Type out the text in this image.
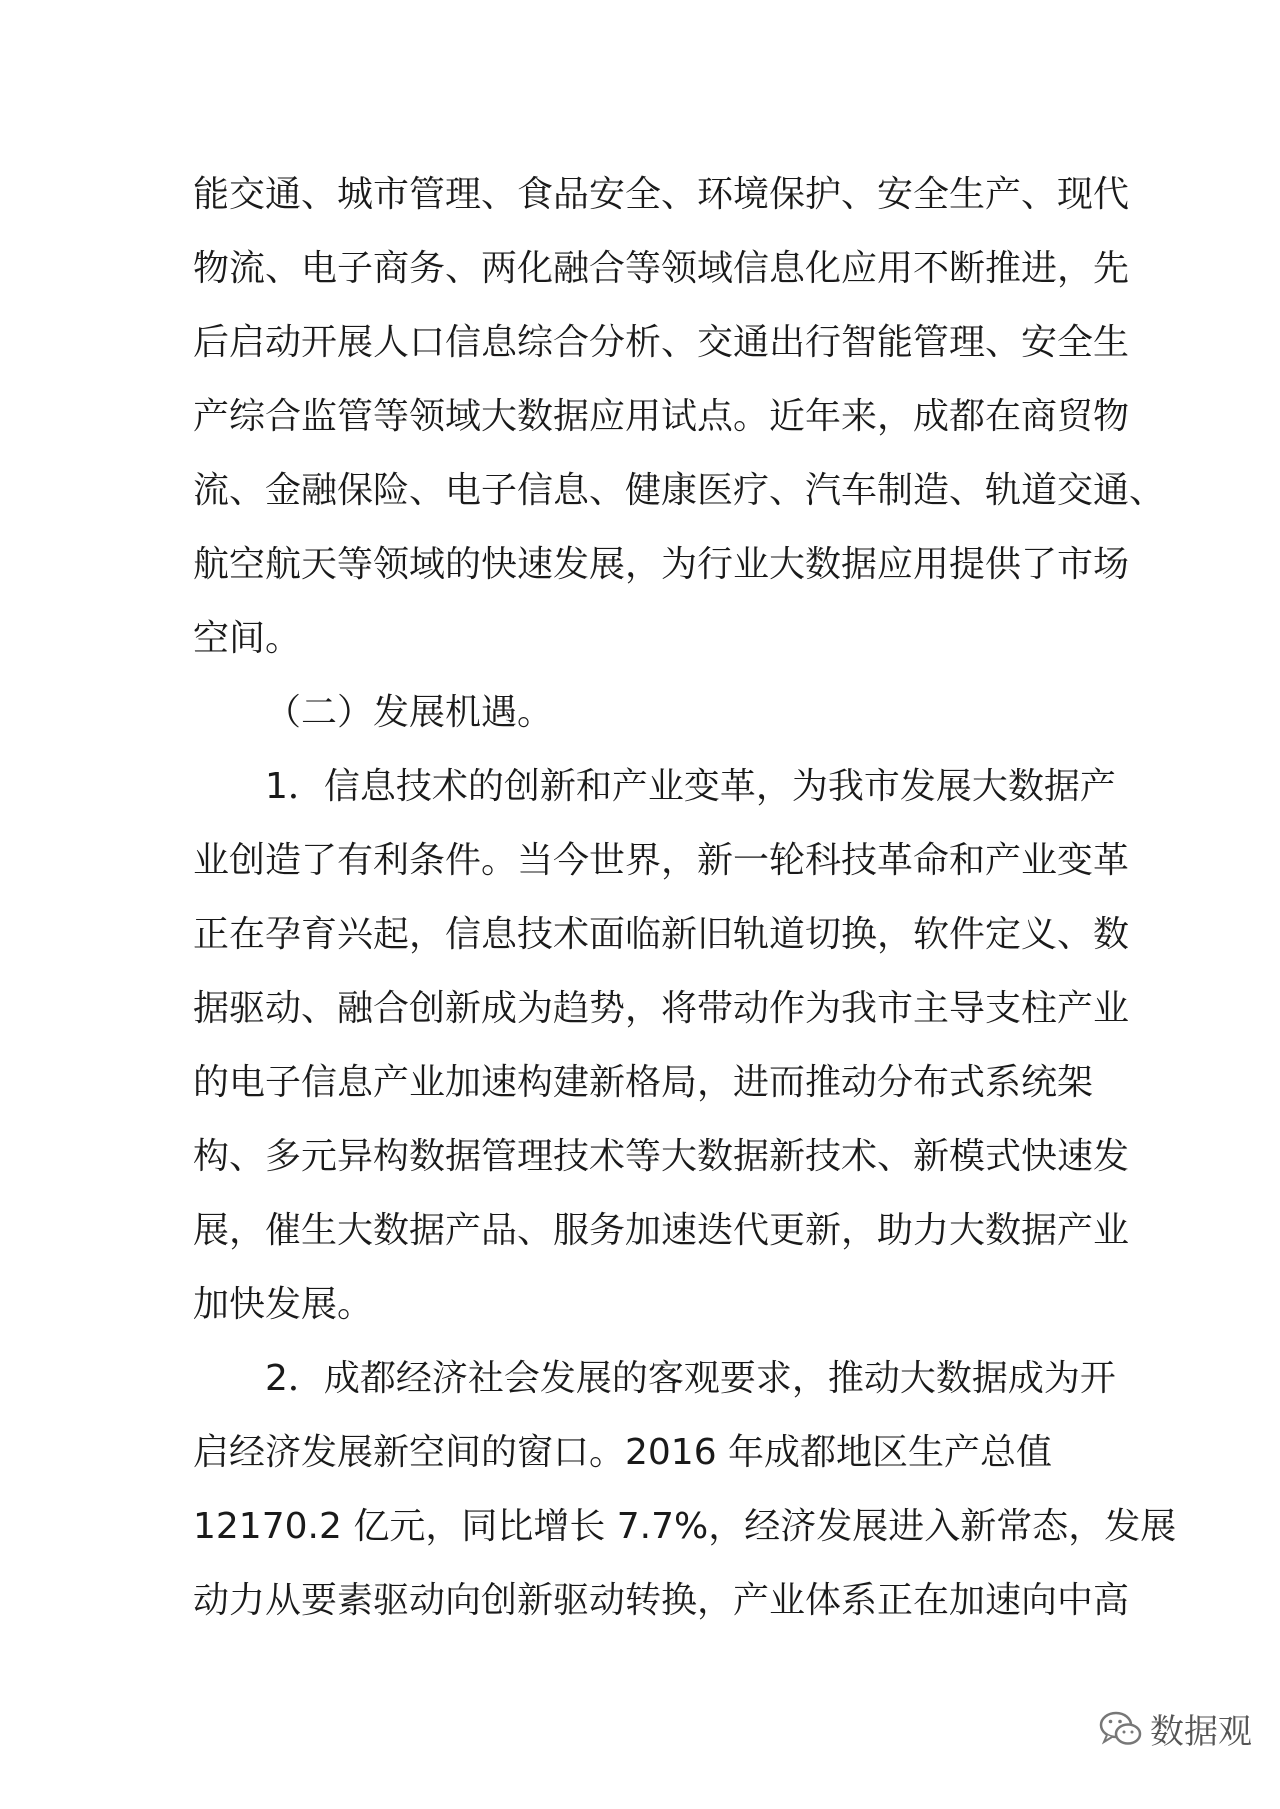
能交通、城市管理、食品安全、环境保护、安全生产、现代
物流、电子商务、两化融合等领域信息化应用不断推进，先
后启动开展人口信息综合分析、交通出行智能管理、安全生
产综合监管等领域大数据应用试点。近年来，成都在商贸物
流、金融保险、电子信息、健康医疗、汽车制造、轨道交通、
航空航天等领域的快速发展，为行业大数据应用提供了市场
空间。
（二）发展机遇。
1．信息技术的创新和产业变革，为我市发展大数据产
业创造了有利条件。当今世界，新一轮科技革命和产业变革
正在孕育兴起，信息技术面临新旧轨道切换，软件定义、数
据驱动、融合创新成为趋势，将带动作为我市主导支柱产业
的电子信息产业加速构建新格局，进而推动分布式系统架
构、多元异构数据管理技术等大数据新技术、新模式快速发
展，催生大数据产品、服务加速迭代更新，助力大数据产业
加快发展。
2．成都经济社会发展的客观要求，推动大数据成为开
启经济发展新空间的窗口。2016 年成都地区生产总值
12170.2 亿元，同比增长 7.7%，经济发展进入新常态，发展
动力从要素驱动向创新驱动转换，产业体系正在加速向中高
数据观
